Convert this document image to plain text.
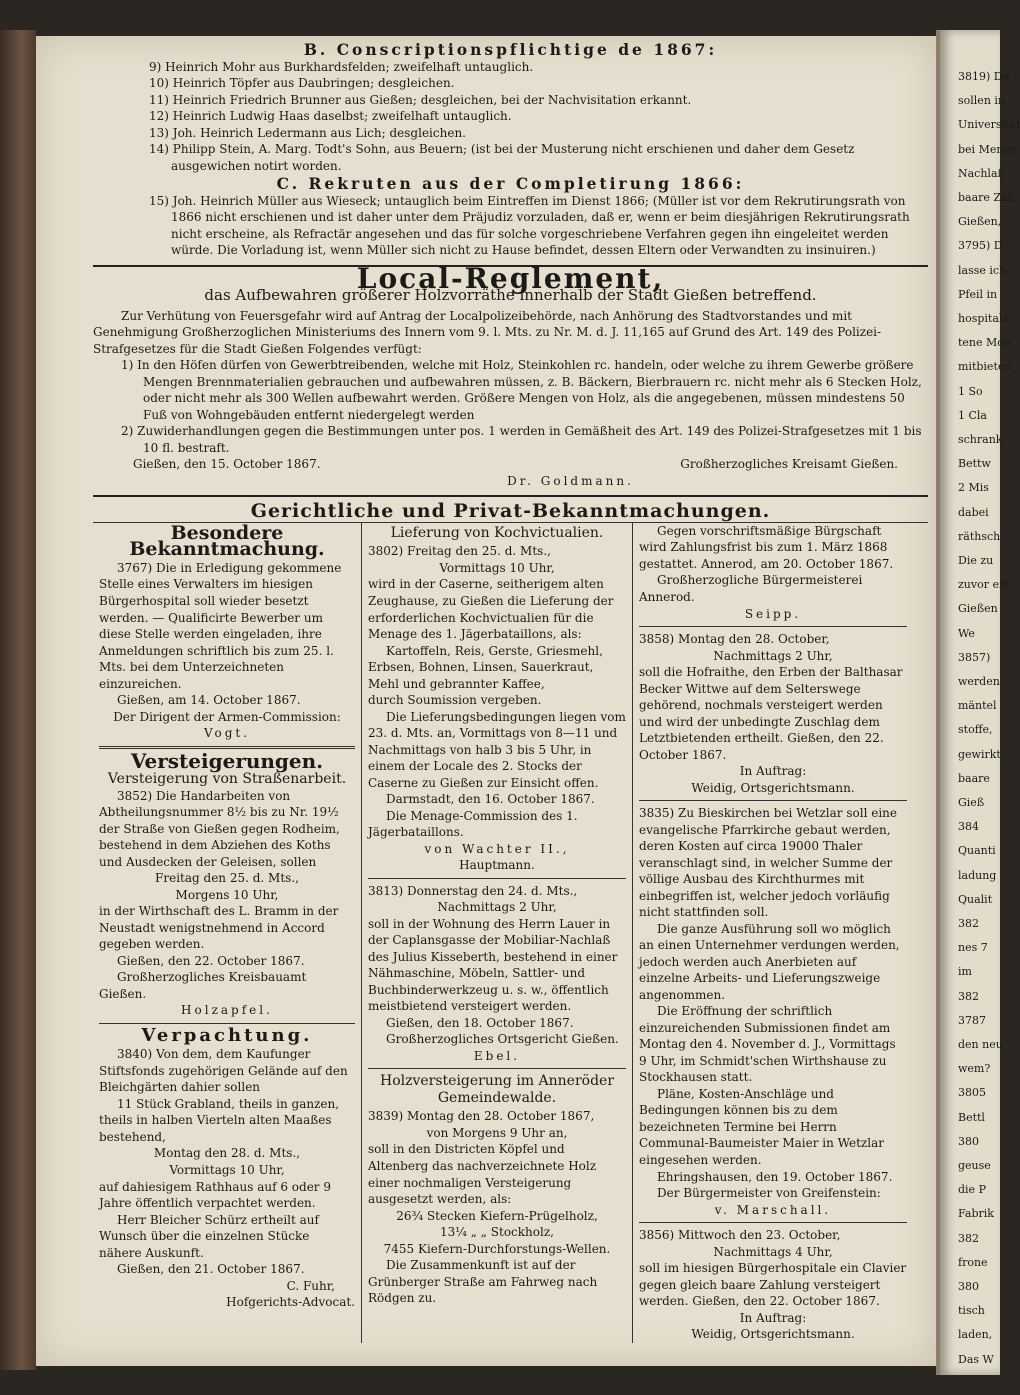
3819) De
sollen in
Universität
bei Menge
Nachlaß
baare Zah
Gießen,
3795) D
lasse ich
Pfeil in
hospitals
tene Mob
mitbieten
1 So
1 Cla
schrank
Bettw
2 Mis
dabei
räthsch
Die zu
zuvor ein
Gießen
We
3857)
werden
mäntel
stoffe,
gewirkt
baare
Gieß
384
Quanti
ladung
Qualit
382
nes 7
im
382
3787
den neu
wem?
3805
Bettl
380
geuse
die P
Fabrik
382
frone
380
tisch
laden,
Das W

B. Conscriptionspflichtige de 1867:

9) Heinrich Mohr aus Burkhardsfelden; zweifelhaft untauglich.

10) Heinrich Töpfer aus Daubringen; desgleichen.

11) Heinrich Friedrich Brunner aus Gießen; desgleichen, bei der Nachvisitation erkannt.

12) Heinrich Ludwig Haas daselbst; zweifelhaft untauglich.

13) Joh. Heinrich Ledermann aus Lich; desgleichen.

14) Philipp Stein, A. Marg. Todt's Sohn, aus Beuern; (ist bei der Musterung nicht erschienen und daher dem Gesetz ausgewichen notirt worden.

C. Rekruten aus der Completirung 1866:

15) Joh. Heinrich Müller aus Wieseck; untauglich beim Eintreffen im Dienst 1866; (Müller ist vor dem Rekrutirungsrath von 1866 nicht erschienen und ist daher unter dem Präjudiz vorzuladen, daß er, wenn er beim diesjährigen Rekrutirungsrath nicht erscheine, als Refractär angesehen und das für solche vorgeschriebene Verfahren gegen ihn eingeleitet werden würde. Die Vorladung ist, wenn Müller sich nicht zu Hause befindet, dessen Eltern oder Verwandten zu insinuiren.)

Local-Reglement,

das Aufbewahren größerer Holzvorräthe innerhalb der Stadt Gießen betreffend.

Zur Verhütung von Feuersgefahr wird auf Antrag der Localpolizeibehörde, nach Anhörung des Stadtvorstandes und mit Genehmigung Großherzoglichen Ministeriums des Innern vom 9. l. Mts. zu Nr. M. d. J. 11,165 auf Grund des Art. 149 des Polizei-Strafgesetzes für die Stadt Gießen Folgendes verfügt:

1) In den Höfen dürfen von Gewerbtreibenden, welche mit Holz, Steinkohlen rc. handeln, oder welche zu ihrem Gewerbe größere Mengen Brennmaterialien gebrauchen und aufbewahren müssen, z. B. Bäckern, Bierbrauern rc. nicht mehr als 6 Stecken Holz, oder nicht mehr als 300 Wellen aufbewahrt werden. Größere Mengen von Holz, als die angegebenen, müssen mindestens 50 Fuß von Wohngebäuden entfernt niedergelegt werden

2) Zuwiderhandlungen gegen die Bestimmungen unter pos. 1 werden in Gemäßheit des Art. 149 des Polizei-Strafgesetzes mit 1 bis 10 fl. bestraft.

Gießen, den 15. October 1867.	Großherzogliches Kreisamt Gießen.

Dr. Goldmann.

Gerichtliche und Privat-Bekanntmachungen.

Besondere Bekanntmachung.

3767) Die in Erledigung gekommene Stelle eines Verwalters im hiesigen Bürgerhospital soll wieder besetzt werden. — Qualificirte Bewerber um diese Stelle werden eingeladen, ihre Anmeldungen schriftlich bis zum 25. l. Mts. bei dem Unterzeichneten einzureichen.

Gießen, am 14. October 1867.

Der Dirigent der Armen-Commission:

Vogt.

Versteigerungen.

Versteigerung von Straßenarbeit.

3852) Die Handarbeiten von Abtheilungsnummer 8½ bis zu Nr. 19½ der Straße von Gießen gegen Rodheim, bestehend in dem Abziehen des Koths und Ausdecken der Geleisen, sollen

Freitag den 25. d. Mts.,

Morgens 10 Uhr,

in der Wirthschaft des L. Bramm in der Neustadt wenigstnehmend in Accord gegeben werden.

Gießen, den 22. October 1867.

Großherzogliches Kreisbauamt Gießen.

Holzapfel.

Verpachtung.

3840) Von dem, dem Kaufunger Stiftsfonds zugehörigen Gelände auf den Bleichgärten dahier sollen

11 Stück Grabland, theils in ganzen, theils in halben Vierteln alten Maaßes bestehend,

Montag den 28. d. Mts.,

Vormittags 10 Uhr,

auf dahiesigem Rathhaus auf 6 oder 9 Jahre öffentlich verpachtet werden.

Herr Bleicher Schürz ertheilt auf Wunsch über die einzelnen Stücke nähere Auskunft.

Gießen, den 21. October 1867.

C. Fuhr,

Hofgerichts-Advocat.

Lieferung von Kochvictualien.

3802) Freitag den 25. d. Mts.,

Vormittags 10 Uhr,

wird in der Caserne, seitherigem alten Zeughause, zu Gießen die Lieferung der erforderlichen Kochvictualien für die Menage des 1. Jägerbataillons, als:

Kartoffeln, Reis, Gerste, Griesmehl, Erbsen, Bohnen, Linsen, Sauerkraut, Mehl und gebrannter Kaffee,

durch Soumission vergeben.

Die Lieferungsbedingungen liegen vom 23. d. Mts. an, Vormittags von 8—11 und Nachmittags von halb 3 bis 5 Uhr, in einem der Locale des 2. Stocks der Caserne zu Gießen zur Einsicht offen.

Darmstadt, den 16. October 1867.

Die Menage-Commission des 1. Jägerbataillons.

von Wachter II.,

Hauptmann.

3813) Donnerstag den 24. d. Mts.,

Nachmittags 2 Uhr,

soll in der Wohnung des Herrn Lauer in der Caplansgasse der Mobiliar-Nachlaß des Julius Kisseberth, bestehend in einer Nähmaschine, Möbeln, Sattler- und Buchbinderwerkzeug u. s. w., öffentlich meistbietend versteigert werden.

Gießen, den 18. October 1867.

Großherzogliches Ortsgericht Gießen.

Ebel.

Holzversteigerung im Anneröder Gemeindewalde.

3839) Montag den 28. October 1867,

von Morgens 9 Uhr an,

soll in den Districten Köpfel und Altenberg das nachverzeichnete Holz einer nochmaligen Versteigerung ausgesetzt werden, als:

26¾ Stecken Kiefern-Prügelholz,

13¼ „ „ Stockholz,

7455 Kiefern-Durchforstungs-Wellen.

Die Zusammenkunft ist auf der Grünberger Straße am Fahrweg nach Rödgen zu.

Gegen vorschriftsmäßige Bürgschaft wird Zahlungsfrist bis zum 1. März 1868 gestattet. Annerod, am 20. October 1867.

Großherzogliche Bürgermeisterei Annerod.

Seipp.

3858) Montag den 28. October,

Nachmittags 2 Uhr,

soll die Hofraithe, den Erben der Balthasar Becker Wittwe auf dem Selterswege gehörend, nochmals versteigert werden und wird der unbedingte Zuschlag dem Letztbietenden ertheilt. Gießen, den 22. October 1867.

In Auftrag:

Weidig, Ortsgerichtsmann.

3835) Zu Bieskirchen bei Wetzlar soll eine evangelische Pfarrkirche gebaut werden, deren Kosten auf circa 19000 Thaler veranschlagt sind, in welcher Summe der völlige Ausbau des Kirchthurmes mit einbegriffen ist, welcher jedoch vorläufig nicht stattfinden soll.

Die ganze Ausführung soll wo möglich an einen Unternehmer verdungen werden, jedoch werden auch Anerbieten auf einzelne Arbeits- und Lieferungszweige angenommen.

Die Eröffnung der schriftlich einzureichenden Submissionen findet am Montag den 4. November d. J., Vormittags 9 Uhr, im Schmidt'schen Wirthshause zu Stockhausen statt.

Pläne, Kosten-Anschläge und Bedingungen können bis zu dem bezeichneten Termine bei Herrn Communal-Baumeister Maier in Wetzlar eingesehen werden.

Ehringshausen, den 19. October 1867.

Der Bürgermeister von Greifenstein:

v. Marschall.

3856) Mittwoch den 23. October,

Nachmittags 4 Uhr,

soll im hiesigen Bürgerhospitale ein Clavier gegen gleich baare Zahlung versteigert werden. Gießen, den 22. October 1867.

In Auftrag:

Weidig, Ortsgerichtsmann.
